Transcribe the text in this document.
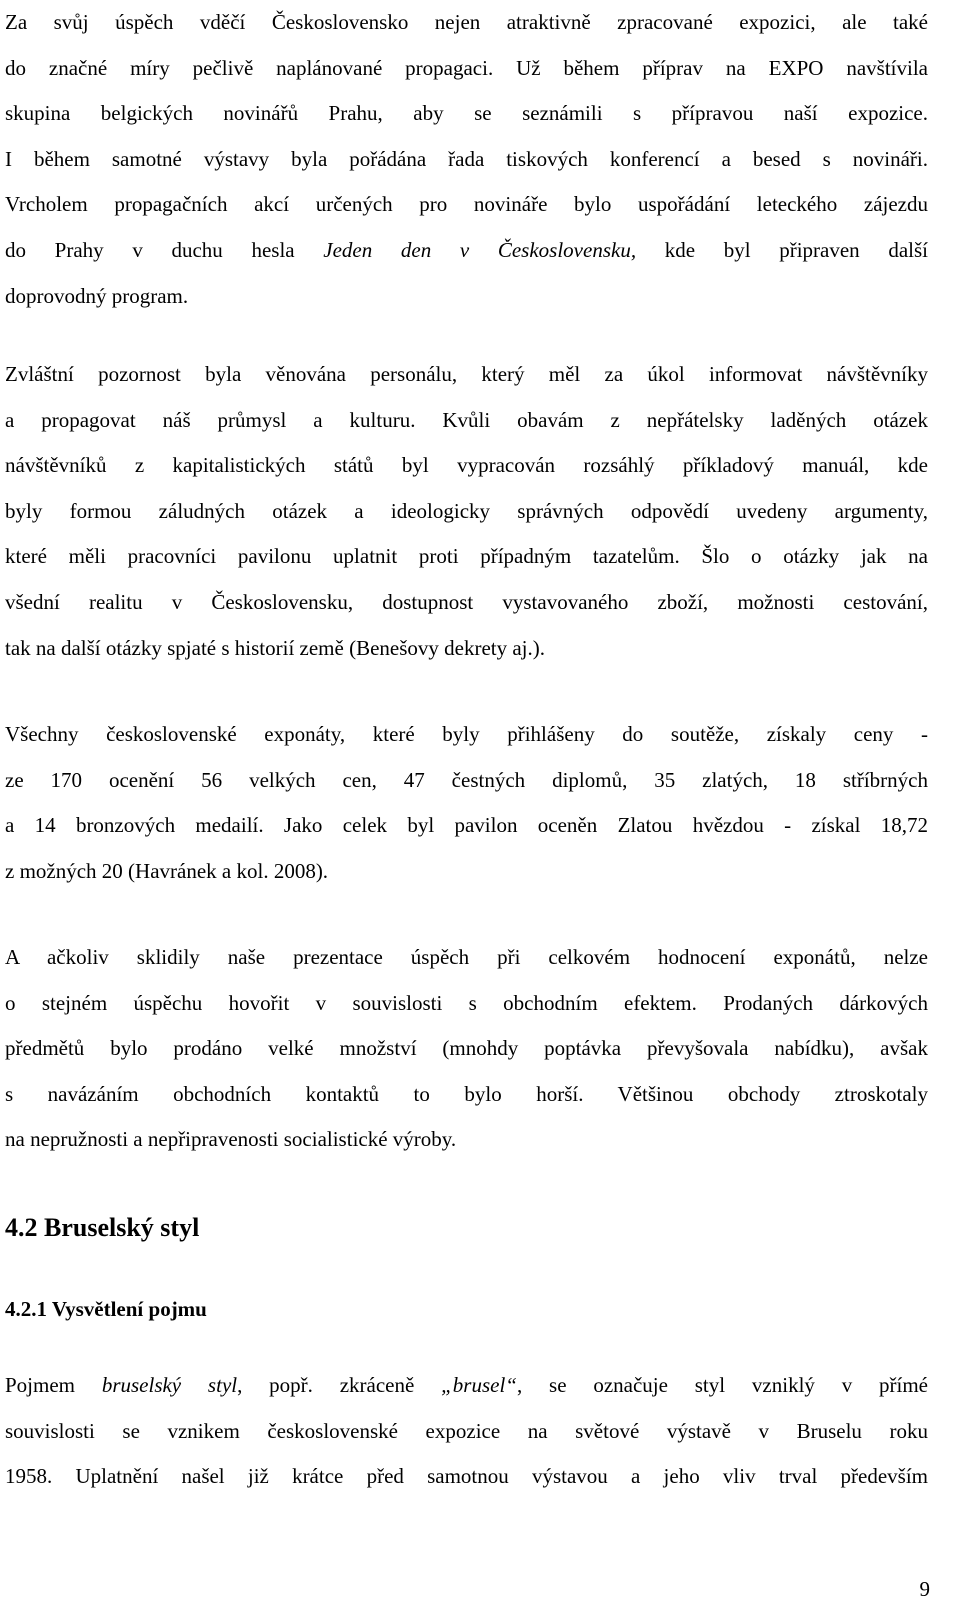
Za svůj úspěch vděčí Československo nejen atraktivně zpracované expozici, ale také
do značné míry pečlivě naplánované propagaci. Už během příprav na EXPO navštívila
skupina belgických novinářů Prahu, aby se seznámili s přípravou naší expozice.
I během samotné výstavy byla pořádána řada tiskových konferencí a besed s novináři.
Vrcholem propagačních akcí určených pro novináře bylo uspořádání leteckého zájezdu
do Prahy v duchu hesla Jeden den v Československu, kde byl připraven další
doprovodný program.

Zvláštní pozornost byla věnována personálu, který měl za úkol informovat návštěvníky
a propagovat náš průmysl a kulturu. Kvůli obavám z nepřátelsky laděných otázek
návštěvníků z kapitalistických států byl vypracován rozsáhlý příkladový manuál, kde
byly formou záludných otázek a ideologicky správných odpovědí uvedeny argumenty,
které měli pracovníci pavilonu uplatnit proti případným tazatelům. Šlo o otázky jak na
všední realitu v Československu, dostupnost vystavovaného zboží, možnosti cestování,
tak na další otázky spjaté s historií země (Benešovy dekrety aj.).

Všechny československé exponáty, které byly přihlášeny do soutěže, získaly ceny -
ze 170 ocenění 56 velkých cen, 47 čestných diplomů, 35 zlatých, 18 stříbrných
a 14 bronzových medailí. Jako celek byl pavilon oceněn Zlatou hvězdou - získal 18,72
z možných 20 (Havránek a kol. 2008).

A ačkoliv sklidily naše prezentace úspěch při celkovém hodnocení exponátů, nelze
o stejném úspěchu hovořit v souvislosti s obchodním efektem. Prodaných dárkových
předmětů bylo prodáno velké množství (mnohdy poptávka převyšovala nabídku), avšak
s navázáním obchodních kontaktů to bylo horší. Většinou obchody ztroskotaly
na nepružnosti a nepřipravenosti socialistické výroby.

4.2 Bruselský styl
4.2.1 Vysvětlení pojmu

Pojmem bruselský styl, popř. zkráceně „brusel“, se označuje styl vzniklý v přímé
souvislosti se vznikem československé expozice na světové výstavě v Bruselu roku
1958. Uplatnění našel již krátce před samotnou výstavou a jeho vliv trval především

9
